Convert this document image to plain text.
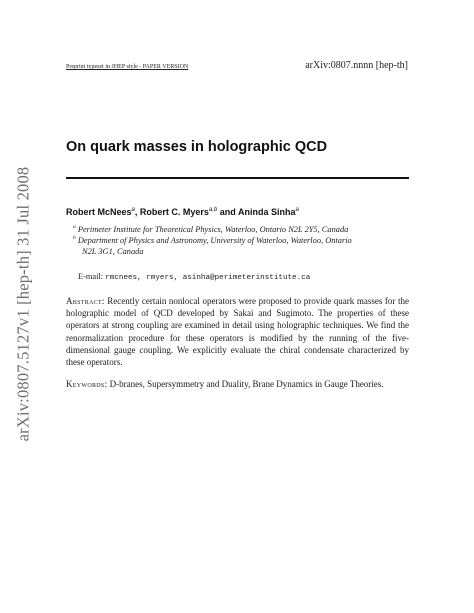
arXiv:0807.5127v1 [hep-th] 31 Jul 2008
Preprint typeset in JHEP style - PAPER VERSION	arXiv:0807.nnnn [hep-th]
On quark masses in holographic QCD
Robert McNees$^a$, Robert C. Myers$^{a,b}$ and Aninda Sinha$^a$
$^a$ Perimeter Institute for Theoretical Physics, Waterloo, Ontario N2L 2Y5, Canada
$^b$ Department of Physics and Astronomy, University of Waterloo, Waterloo, Ontario
N2L 3G1, Canada
E-mail: rmcnees, rmyers, asinha@perimeterinstitute.ca
Abstract: Recently certain nonlocal operators were proposed to provide quark masses for the holographic model of QCD developed by Sakai and Sugimoto. The properties of these operators at strong coupling are examined in detail using holographic techniques. We find the renormalization procedure for these operators is modified by the running of the five-dimensional gauge coupling. We explicitly evaluate the chiral condensate characterized by these operators.
Keywords: D-branes, Supersymmetry and Duality, Brane Dynamics in Gauge Theories.
